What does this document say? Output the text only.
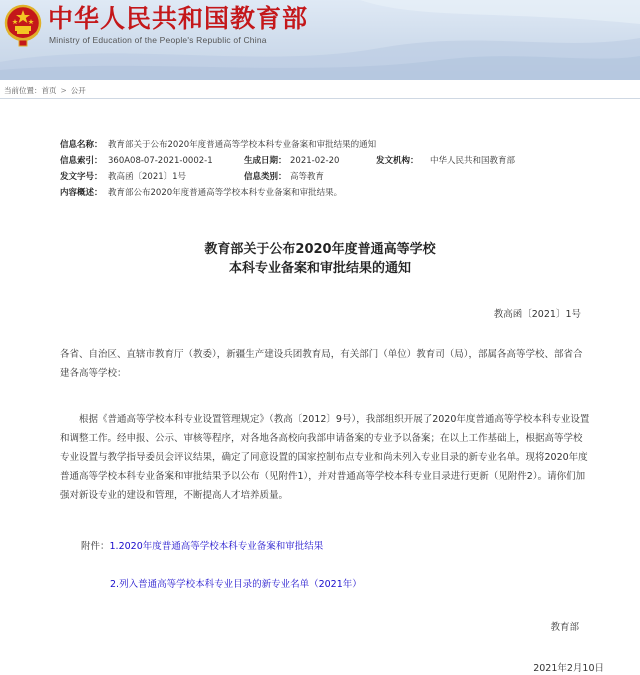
中华人民共和国教育部
Ministry of Education of the People's Republic of China
当前位置：首页 > 公开
信息名称： 教育部关于公布2020年度普通高等学校本科专业备案和审批结果的通知
信息索引： 360A08-07-2021-0002-1	生成日期： 2021-02-20	发文机构： 中华人民共和国教育部
发文字号： 教高函〔2021〕1号	信息类别： 高等教育
内容概述： 教育部公布2020年度普通高等学校本科专业备案和审批结果。
教育部关于公布2020年度普通高等学校
本科专业备案和审批结果的通知
教高函〔2021〕1号
各省、自治区、直辖市教育厅（教委），新疆生产建设兵团教育局，有关部门（单位）教育司（局），部属各高等学校、部省合建各高等学校：
根据《普通高等学校本科专业设置管理规定》（教高〔2012〕9号），我部组织开展了2020年度普通高等学校本科专业设置和调整工作。经申报、公示、审核等程序，对各地各高校向我部申请备案的专业予以备案；在以上工作基础上，根据高等学校专业设置与教学指导委员会评议结果，确定了同意设置的国家控制布点专业和尚未列入专业目录的新专业名单。现将2020年度普通高等学校本科专业备案和审批结果予以公布（见附件1），并对普通高等学校本科专业目录进行更新（见附件2）。请你们加强对新设专业的建设和管理，不断提高人才培养质量。
附件：1.2020年度普通高等学校本科专业备案和审批结果
2.列入普通高等学校本科专业目录的新专业名单（2021年）
教育部
2021年2月10日
